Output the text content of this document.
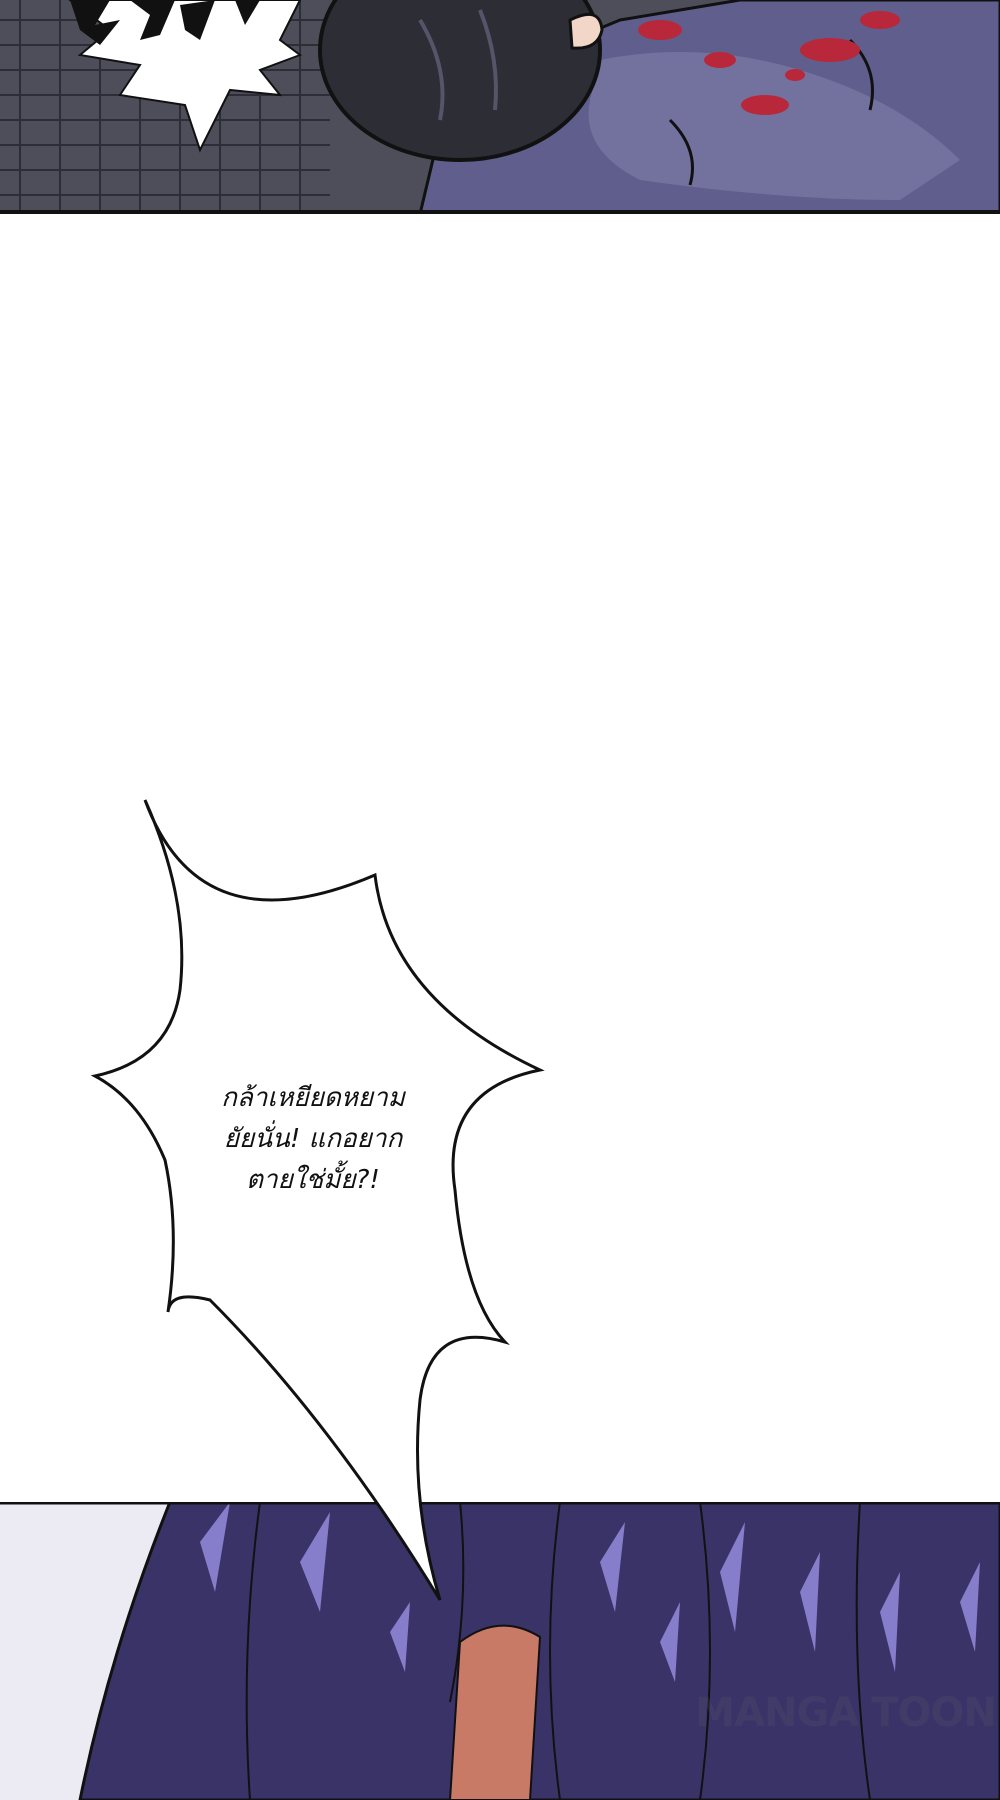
กล้าเหยียดหยาม
ยัยนั่น! แกอยาก
ตายใช่มั้ย?!
MANGA TOON
